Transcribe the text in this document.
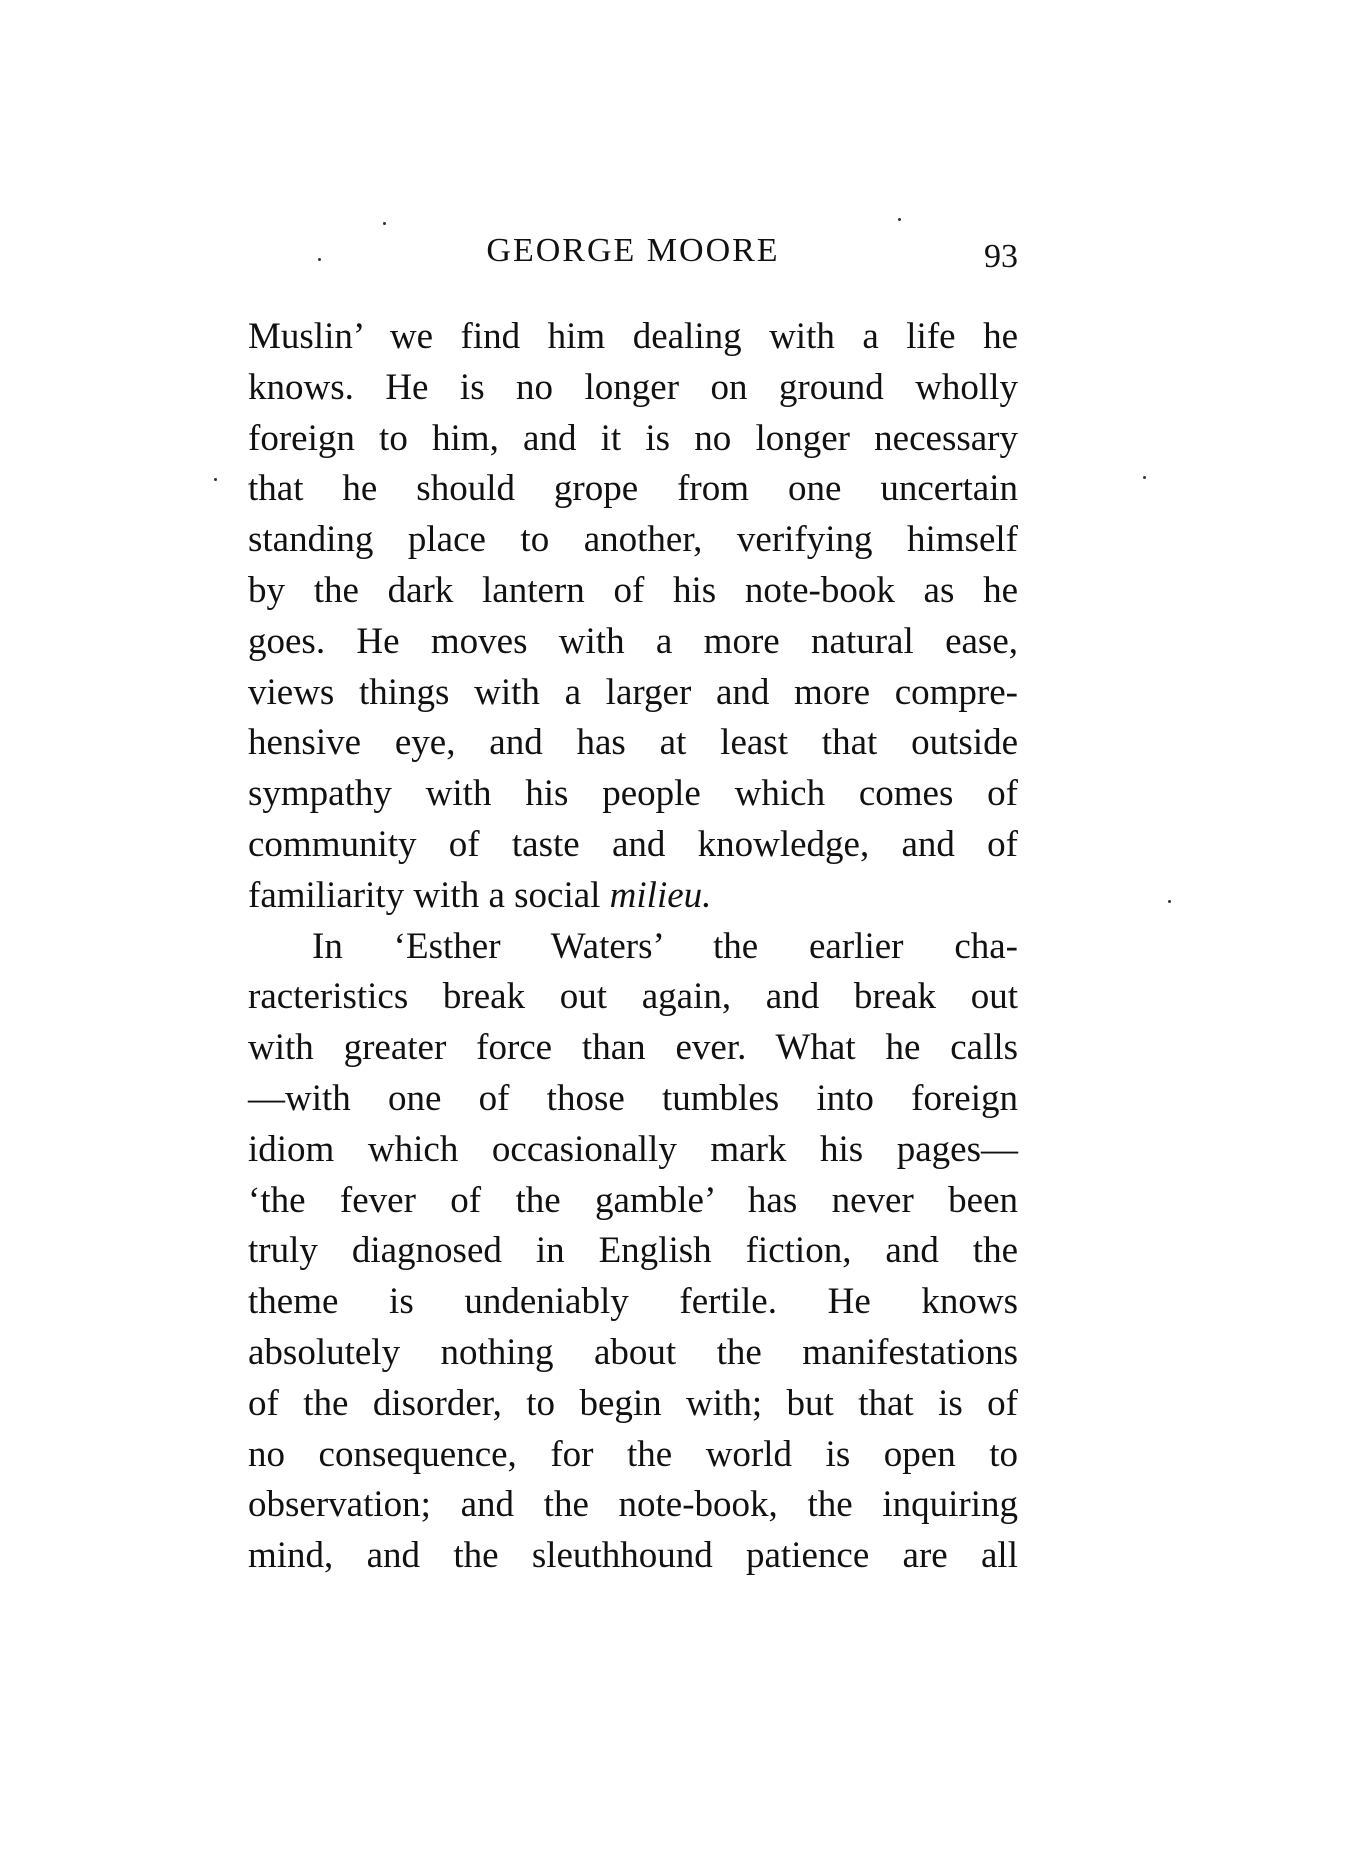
GEORGE MOORE	93
Muslin’ we find him dealing with a life he
knows. He is no longer on ground wholly
foreign to him, and it is no longer necessary
that he should grope from one uncertain
standing place to another, verifying himself
by the dark lantern of his note-book as he
goes. He moves with a more natural ease,
views things with a larger and more compre-
hensive eye, and has at least that outside
sympathy with his people which comes of
community of taste and knowledge, and of
familiarity with a social milieu.
In ‘Esther Waters’ the earlier cha-
racteristics break out again, and break out
with greater force than ever. What he calls
—with one of those tumbles into foreign
idiom which occasionally mark his pages—
‘the fever of the gamble’ has never been
truly diagnosed in English fiction, and the
theme is undeniably fertile. He knows
absolutely nothing about the manifestations
of the disorder, to begin with; but that is of
no consequence, for the world is open to
observation; and the note-book, the inquiring
mind, and the sleuthhound patience are all
